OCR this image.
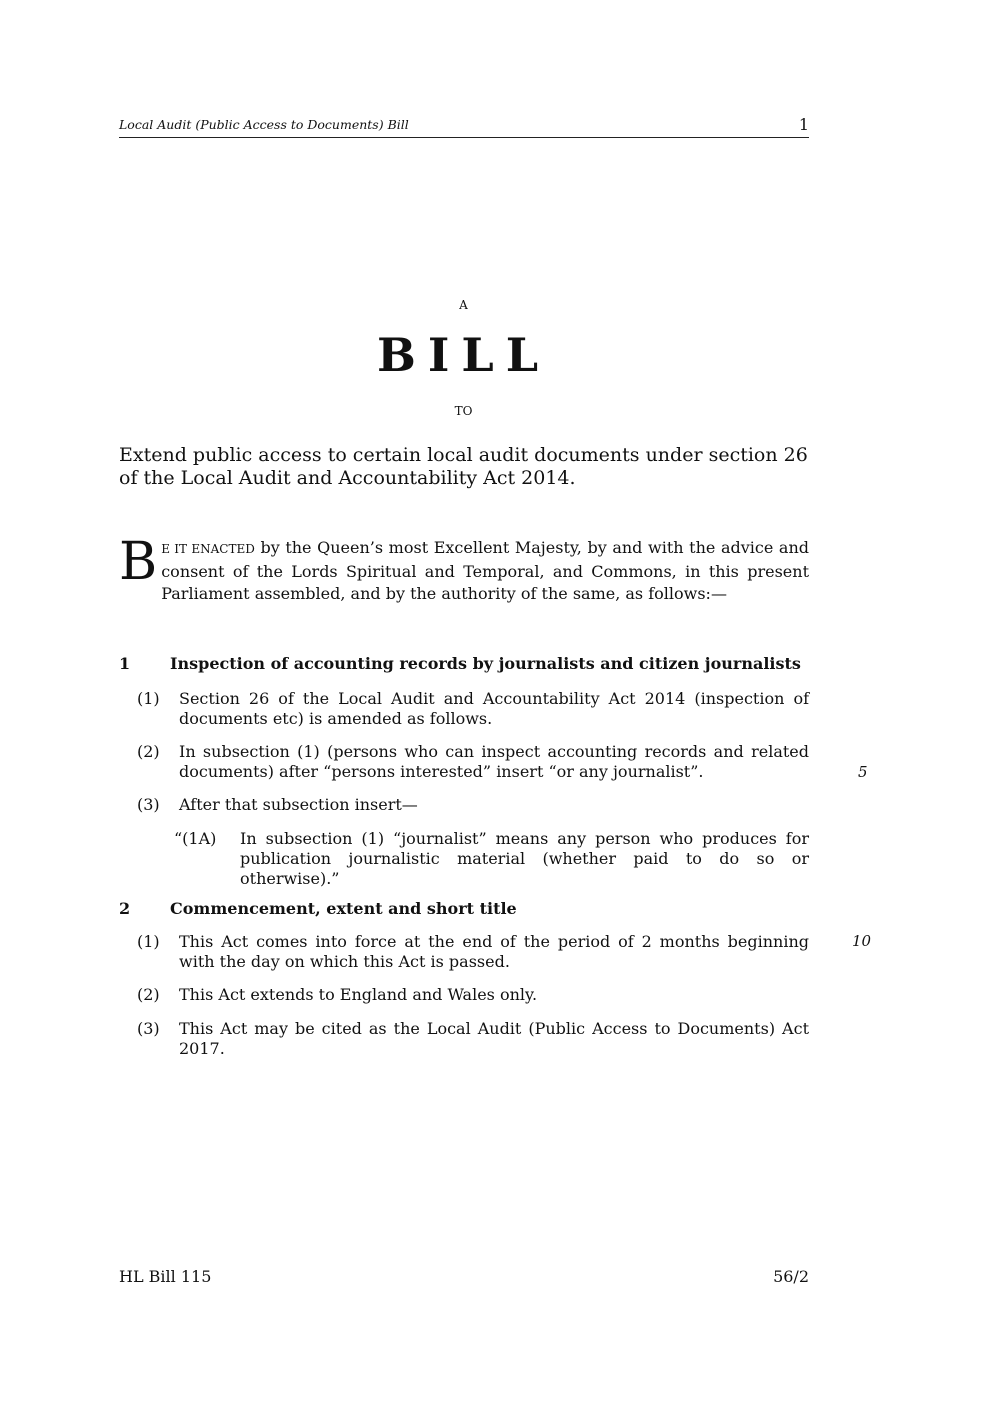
Local Audit (Public Access to Documents) Bill	1
A
BILL
TO
Extend public access to certain local audit documents under section 26 of the Local Audit and Accountability Act 2014.
B E IT ENACTED by the Queen’s most Excellent Majesty, by and with the advice and consent of the Lords Spiritual and Temporal, and Commons, in this present Parliament assembled, and by the authority of the same, as follows:—
1 Inspection of accounting records by journalists and citizen journalists
(1) Section 26 of the Local Audit and Accountability Act 2014 (inspection of documents etc) is amended as follows.
(2) In subsection (1) (persons who can inspect accounting records and related documents) after “persons interested” insert “or any journalist”.
(3) After that subsection insert—
“(1A) In subsection (1) “journalist” means any person who produces for publication journalistic material (whether paid to do so or otherwise).”
2 Commencement, extent and short title
(1) This Act comes into force at the end of the period of 2 months beginning with the day on which this Act is passed.
(2) This Act extends to England and Wales only.
(3) This Act may be cited as the Local Audit (Public Access to Documents) Act 2017.
5
10
HL Bill 115	56/2
